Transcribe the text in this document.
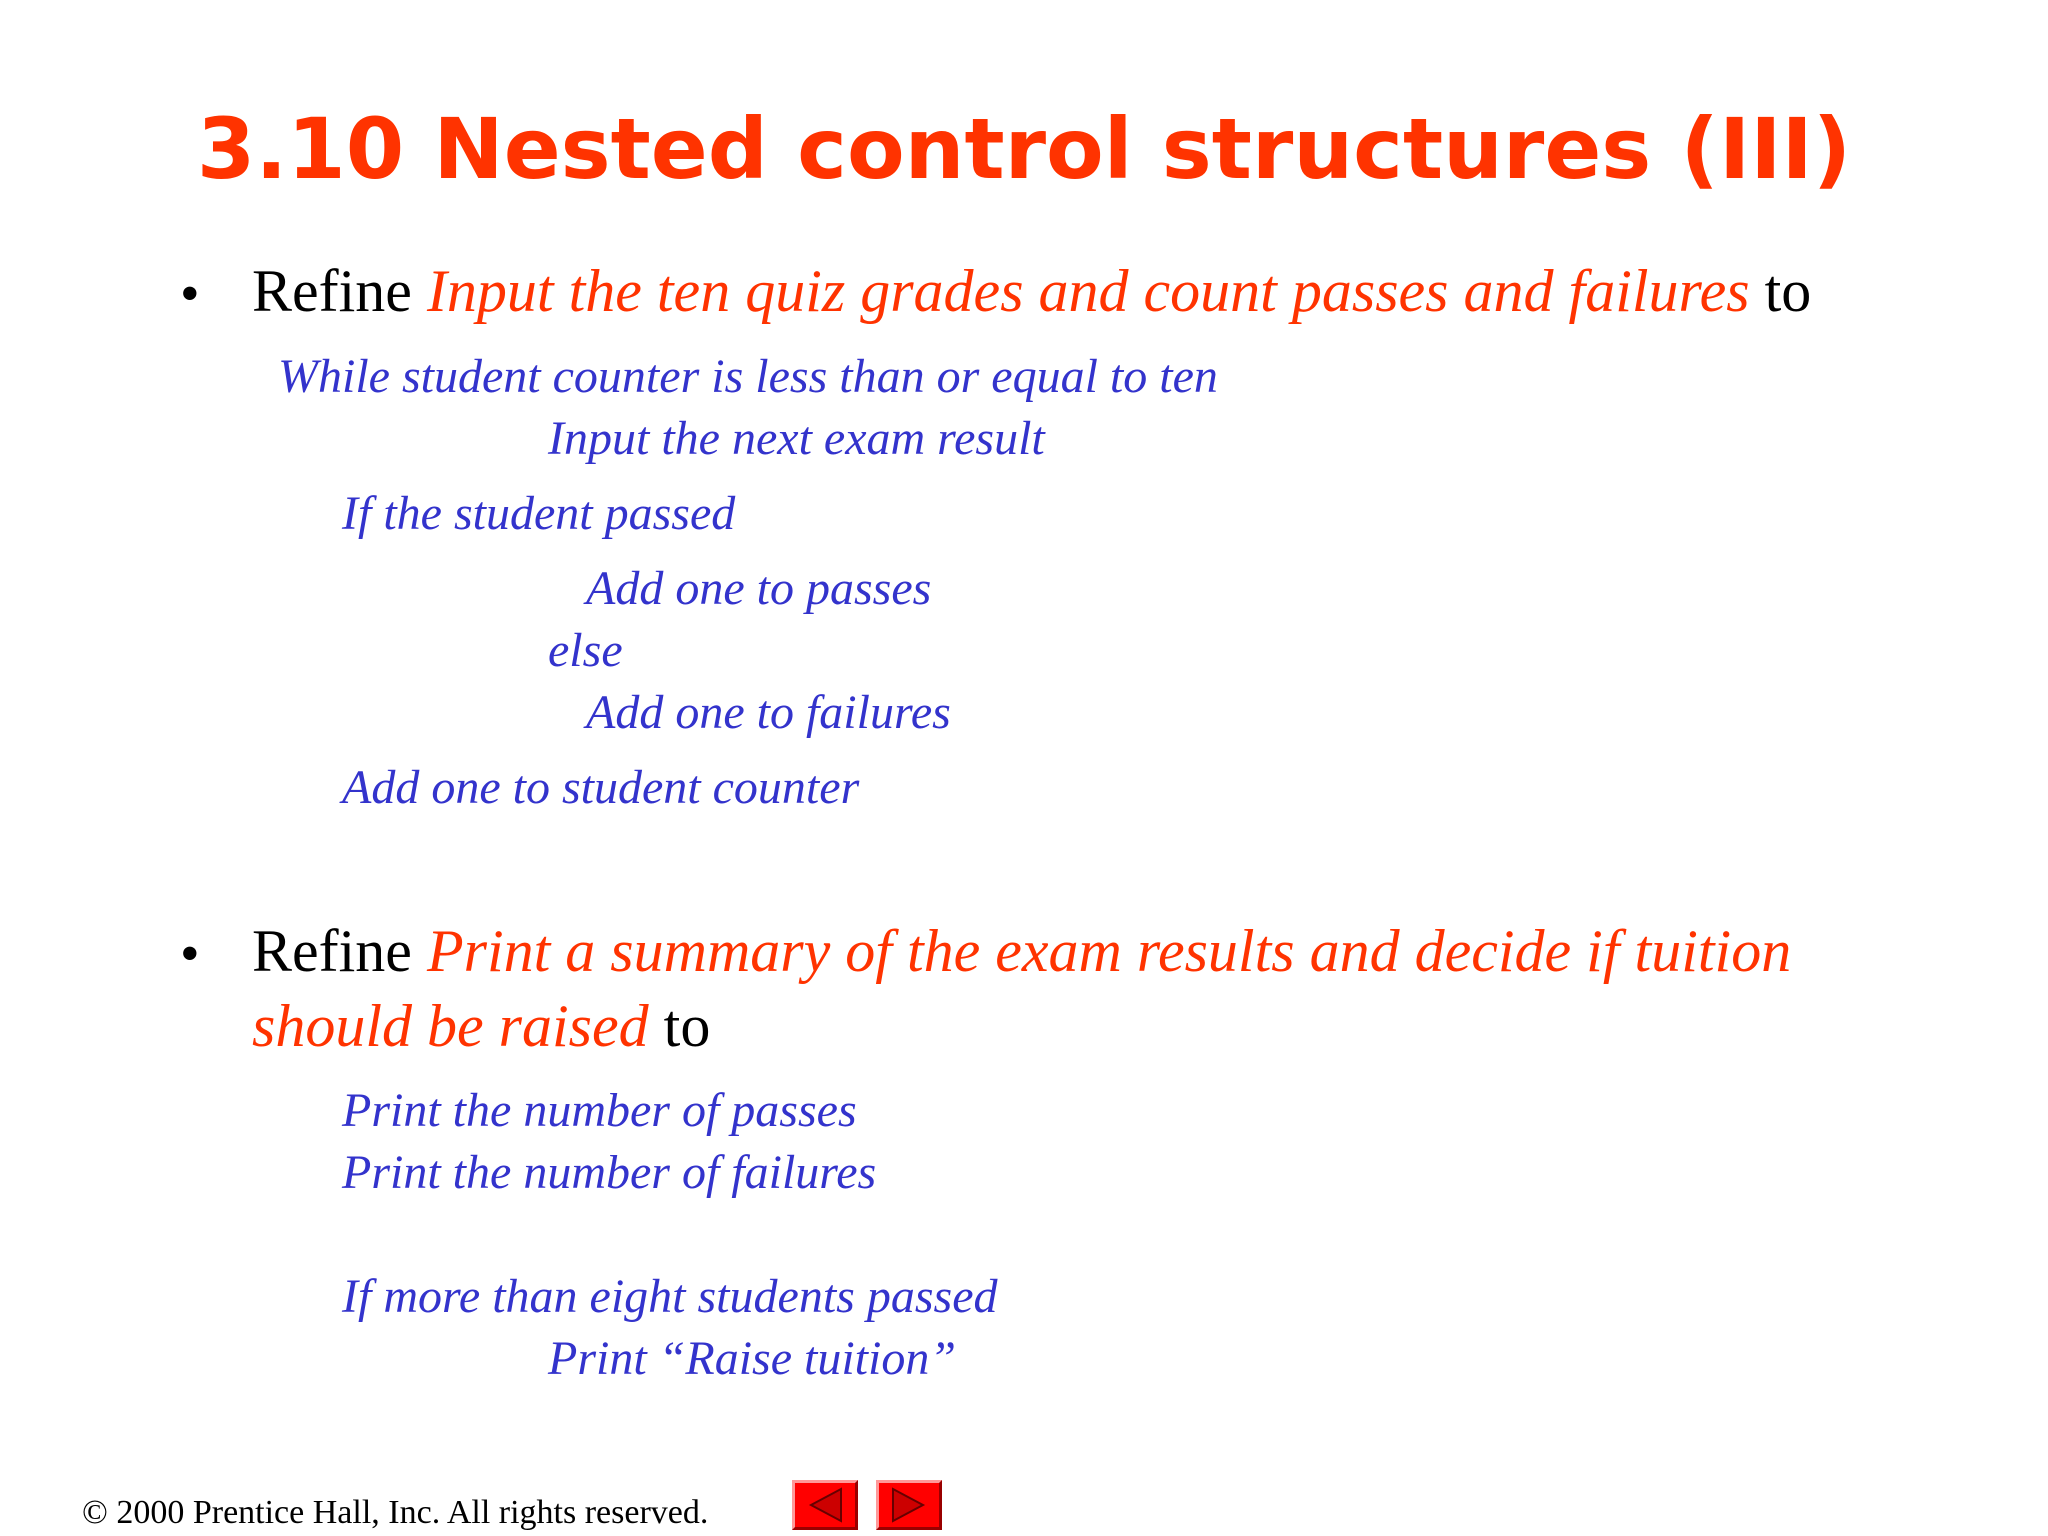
3.10 Nested control structures (III)
• Refine Input the ten quiz grades and count passes and failures to
While student counter is less than or equal to ten
Input the next exam result
If the student passed
Add one to passes
else
Add one to failures
Add one to student counter
• Refine Print a summary of the exam results and decide if tuition
should be raised to
Print the number of passes
Print the number of failures
If more than eight students passed
Print “Raise tuition”
© 2000 Prentice Hall, Inc. All rights reserved.
